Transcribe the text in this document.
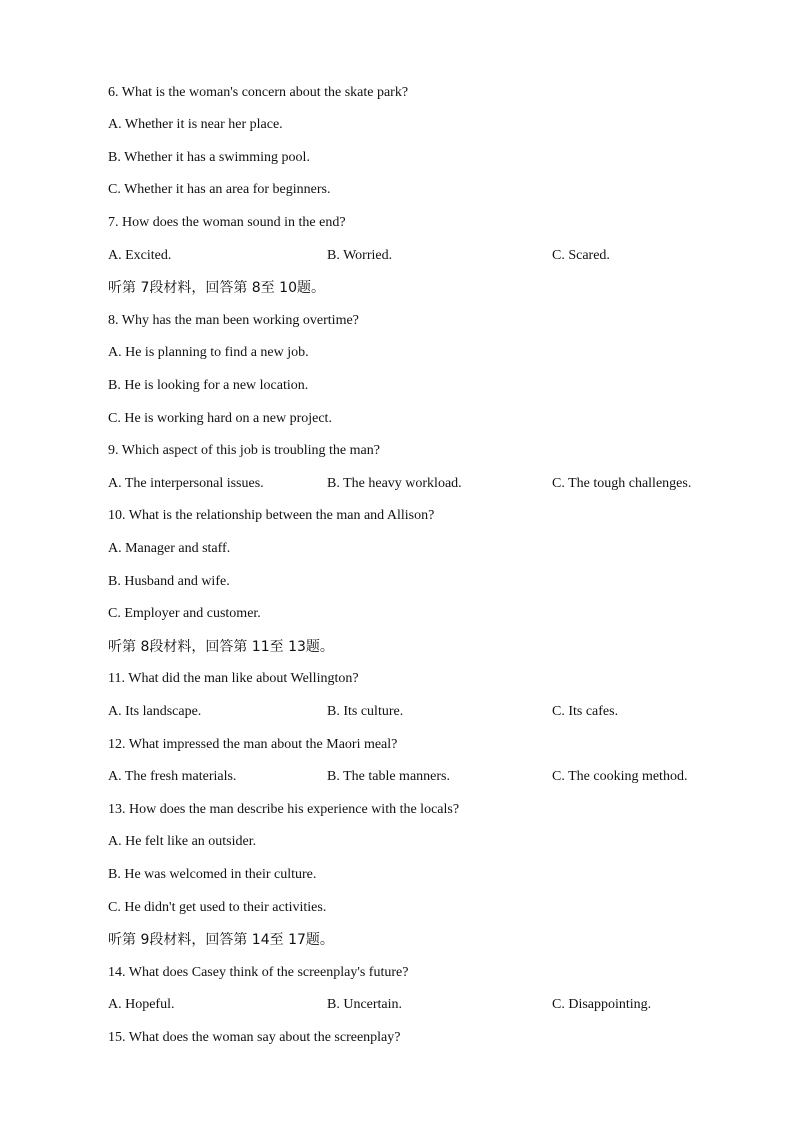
6. What is the woman's concern about the skate park?
A. Whether it is near her place.
B. Whether it has a swimming pool.
C. Whether it has an area for beginners.
7. How does the woman sound in the end?
A. Excited.	B. Worried.	C. Scared.
听第 7段材料，回答第 8至 10题。
8. Why has the man been working overtime?
A. He is planning to find a new job.
B. He is looking for a new location.
C. He is working hard on a new project.
9. Which aspect of this job is troubling the man?
A. The interpersonal issues.	B. The heavy workload.	C. The tough challenges.
10. What is the relationship between the man and Allison?
A. Manager and staff.
B. Husband and wife.
C. Employer and customer.
听第 8段材料，回答第 11至 13题。
11. What did the man like about Wellington?
A. Its landscape.	B. Its culture.	C. Its cafes.
12. What impressed the man about the Maori meal?
A. The fresh materials.	B. The table manners.	C. The cooking method.
13. How does the man describe his experience with the locals?
A. He felt like an outsider.
B. He was welcomed in their culture.
C. He didn't get used to their activities.
听第 9段材料，回答第 14至 17题。
14. What does Casey think of the screenplay's future?
A. Hopeful.	B. Uncertain.	C. Disappointing.
15. What does the woman say about the screenplay?
